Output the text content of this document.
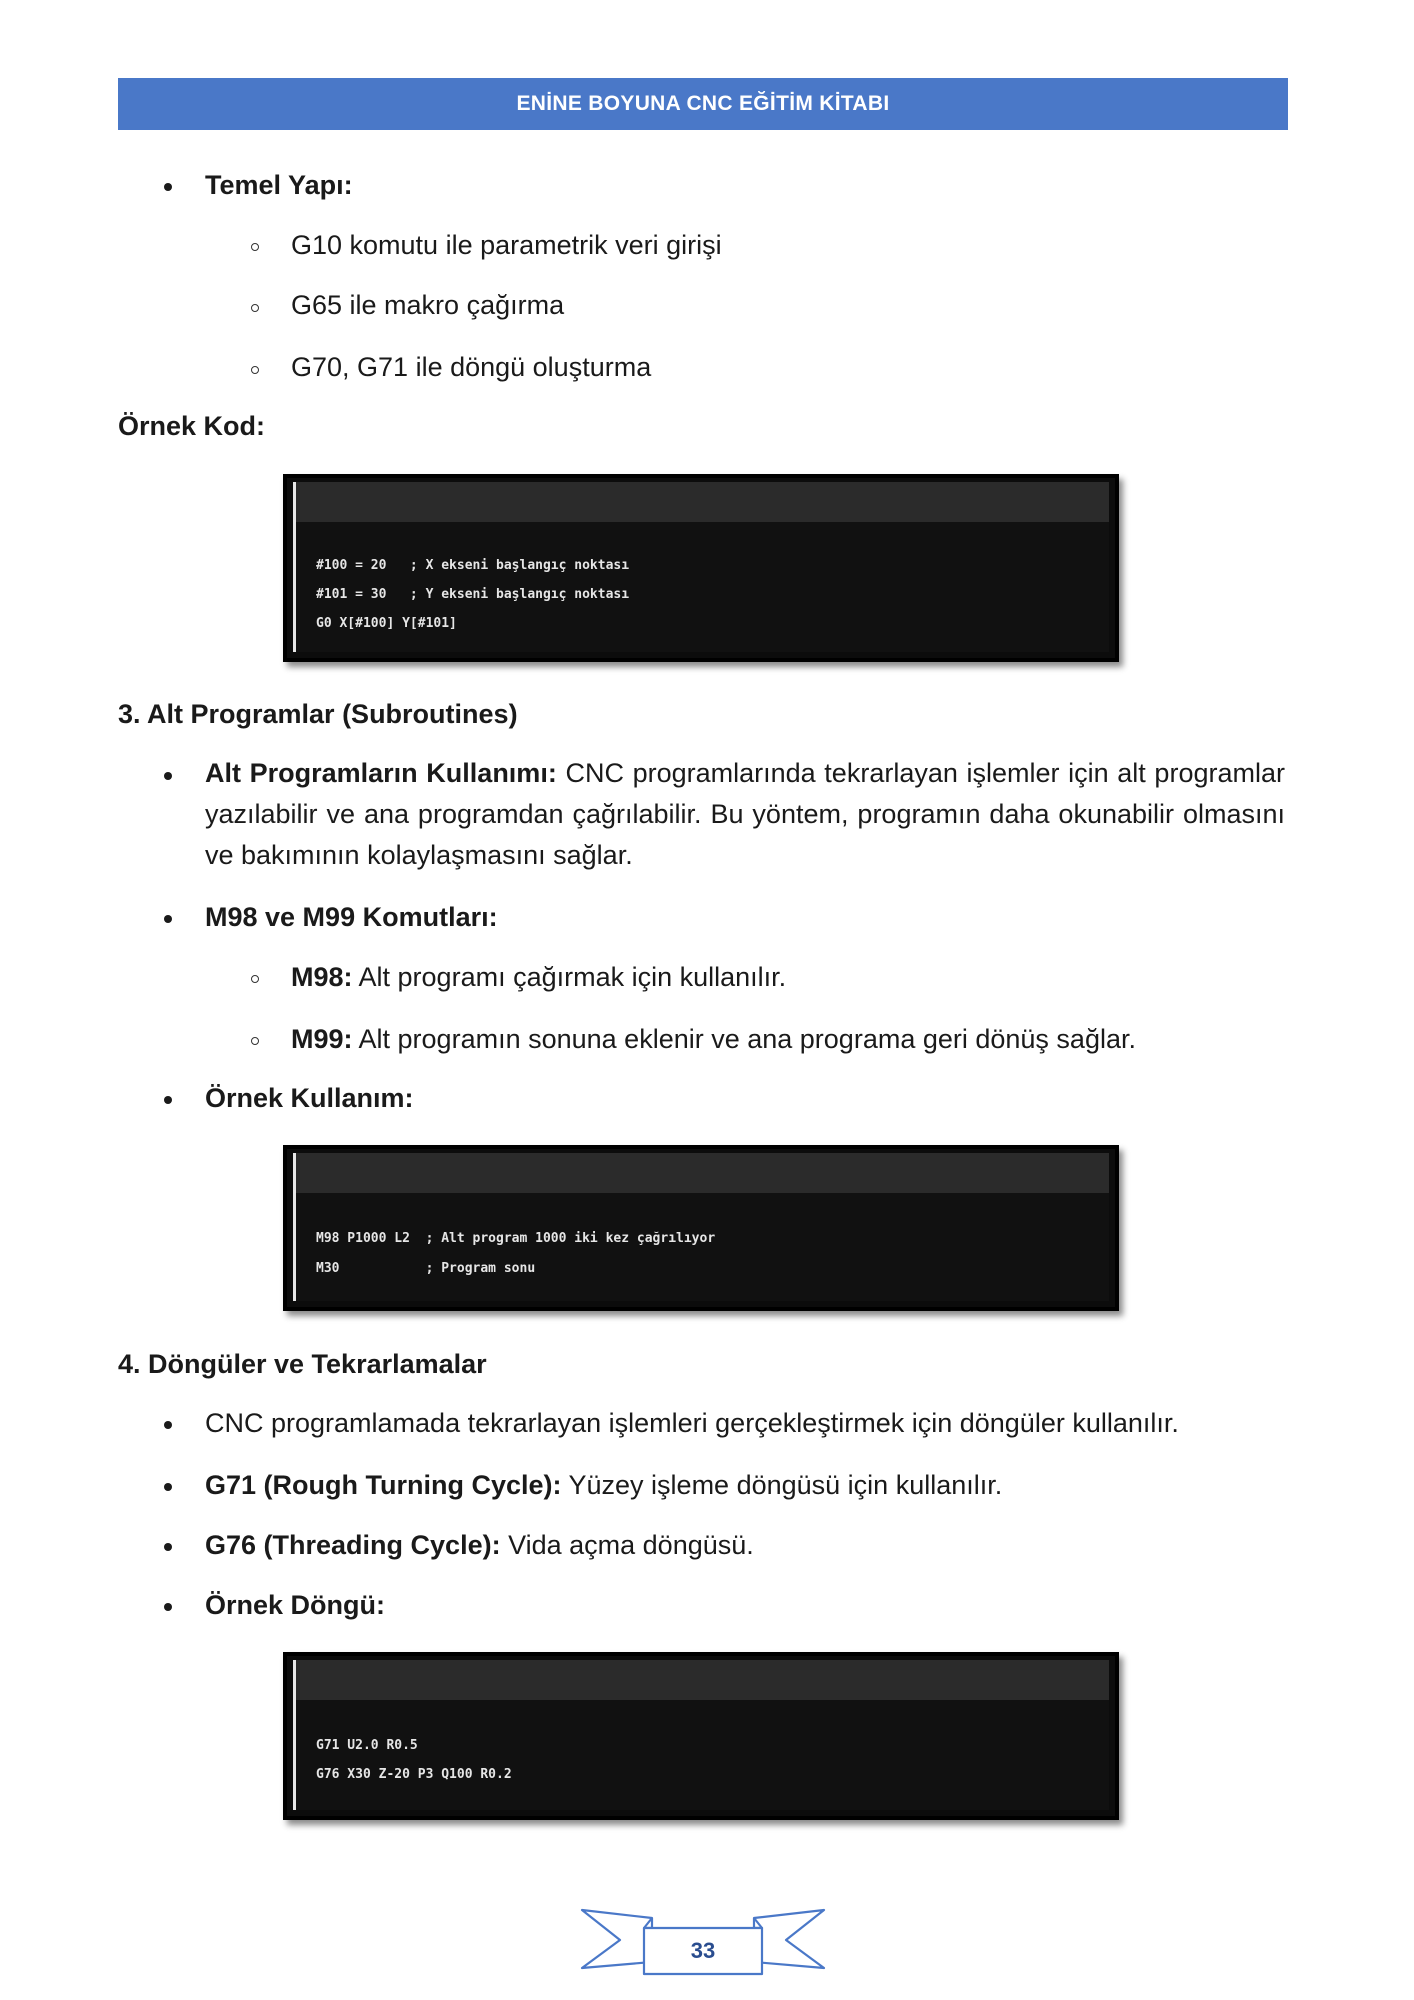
ENİNE BOYUNA CNC EĞİTİM KİTABI
Temel Yapı:
G10 komutu ile parametrik veri girişi
G65 ile makro çağırma
G70, G71 ile döngü oluşturma
Örnek Kod:
#100 = 20   ; X ekseni başlangıç noktası
#101 = 30   ; Y ekseni başlangıç noktası
G0 X[#100] Y[#101]
3. Alt Programlar (Subroutines)
Alt Programların Kullanımı: CNC programlarında tekrarlayan işlemler için alt programlar yazılabilir ve ana programdan çağrılabilir. Bu yöntem, programın daha okunabilir olmasını ve bakımının kolaylaşmasını sağlar.
M98 ve M99 Komutları:
M98: Alt programı çağırmak için kullanılır.
M99: Alt programın sonuna eklenir ve ana programa geri dönüş sağlar.
Örnek Kullanım:
M98 P1000 L2  ; Alt program 1000 iki kez çağrılıyor
M30           ; Program sonu
4. Döngüler ve Tekrarlamalar
CNC programlamada tekrarlayan işlemleri gerçekleştirmek için döngüler kullanılır.
G71 (Rough Turning Cycle): Yüzey işleme döngüsü için kullanılır.
G76 (Threading Cycle): Vida açma döngüsü.
Örnek Döngü:
G71 U2.0 R0.5
G76 X30 Z-20 P3 Q100 R0.2
33
